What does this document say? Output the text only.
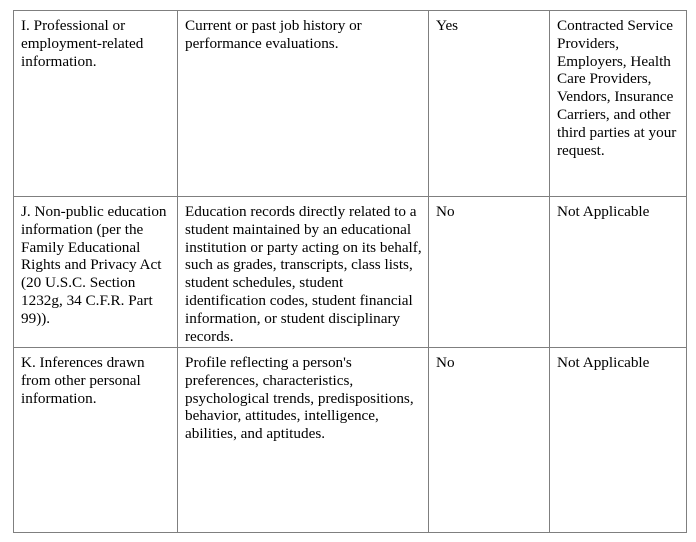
I. Professional or employment-related information.	Current or past job history or performance evaluations.	Yes	Contracted Service Providers, Employers, Health Care Providers, Vendors, Insurance Carriers, and other third parties at your request.
J. Non-public education information (per the Family Educational Rights and Privacy Act (20 U.S.C. Section 1232g, 34 C.F.R. Part 99)).	Education records directly related to a student maintained by an educational institution or party acting on its behalf, such as grades, transcripts, class lists, student schedules, student identification codes, student financial information, or student disciplinary records.	No	Not Applicable
K. Inferences drawn from other personal information.	Profile reflecting a person's preferences, characteristics, psychological trends, predispositions, behavior, attitudes, intelligence, abilities, and aptitudes.	No	Not Applicable
